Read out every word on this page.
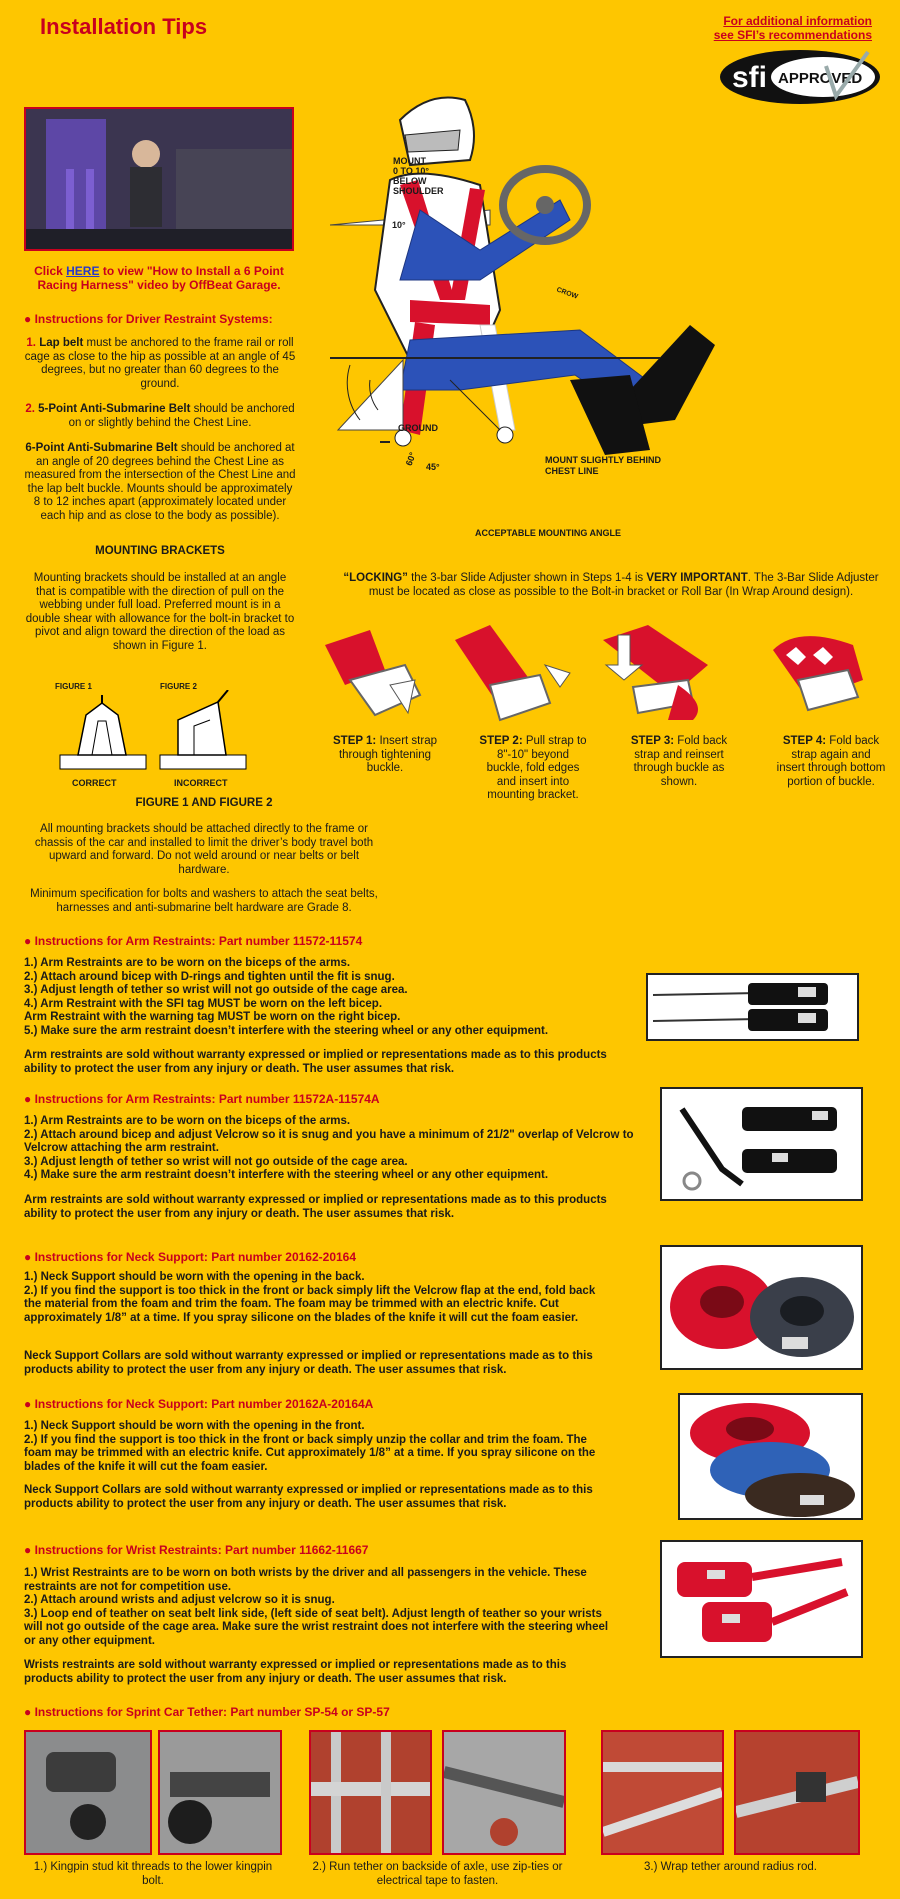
Installation Tips	For additional information
see SFI’s recommendations
sfi APPROVED
Click HERE to view "How to Install a 6 Point Racing Harness" video by OffBeat Garage.
● Instructions for Driver Restraint Systems:
1. Lap belt must be anchored to the frame rail or roll cage as close to the hip as possible at an angle of 45 degrees, but no greater than 60 degrees to the ground.
2. 5-Point Anti-Submarine Belt should be anchored on or slightly behind the Chest Line.
6-Point Anti-Submarine Belt should be anchored at an angle of 20 degrees behind the Chest Line as measured from the intersection of the Chest Line and the lap belt buckle. Mounts should be approximately 8 to 12 inches apart (approximately located under each hip and as close to the body as possible).
MOUNTING BRACKETS
Mounting brackets should be installed at an angle that is compatible with the direction of pull on the webbing under full load. Preferred mount is in a double shear with allowance for the bolt-in bracket to pivot and align toward the direction of the load as shown in Figure 1.
FIGURE 1	FIGURE 2
CORRECT	INCORRECT
FIGURE 1 AND FIGURE 2
All mounting brackets should be attached directly to the frame or chassis of the car and installed to limit the driver’s body travel both upward and forward. Do not weld around or near belts or belt hardware.
Minimum specification for bolts and washers to attach the seat belts, harnesses and anti-submarine belt hardware are Grade 8.
MOUNT
0 TO 10°
BELOW
SHOULDER
10°
GROUND
60° 45°
MOUNT SLIGHTLY BEHIND
CHEST LINE
ACCEPTABLE MOUNTING ANGLE
CROW
“LOCKING” the 3-bar Slide Adjuster shown in Steps 1-4 is VERY IMPORTANT. The 3-Bar Slide Adjuster must be located as close as possible to the Bolt-in bracket or Roll Bar (In Wrap Around design).
STEP 1: Insert strap through tightening buckle.
STEP 2: Pull strap to 8"-10" beyond buckle, fold edges and insert into mounting bracket.
STEP 3: Fold back strap and reinsert through buckle as shown.
STEP 4: Fold back strap again and insert through bottom portion of buckle.
● Instructions for Arm Restraints: Part number 11572-11574
1.) Arm Restraints are to be worn on the biceps of the arms.
2.) Attach around bicep with D-rings and tighten until the fit is snug.
3.) Adjust length of tether so wrist will not go outside of the cage area.
4.) Arm Restraint with the SFI tag MUST be worn on the left bicep.
Arm Restraint with the warning tag MUST be worn on the right bicep.
5.) Make sure the arm restraint doesn’t interfere with the steering wheel or any other equipment.
Arm restraints are sold without warranty expressed or implied or representations made as to this products ability to protect the user from any injury or death. The user assumes that risk.
● Instructions for Arm Restraints: Part number 11572A-11574A
1.) Arm Restraints are to be worn on the biceps of the arms.
2.) Attach around bicep and adjust Velcrow so it is snug and you have a minimum of 21/2" overlap of Velcrow to Velcrow attaching the arm restraint.
3.) Adjust length of tether so wrist will not go outside of the cage area.
4.) Make sure the arm restraint doesn’t interfere with the steering wheel or any other equipment.
Arm restraints are sold without warranty expressed or implied or representations made as to this products ability to protect the user from any injury or death. The user assumes that risk.
● Instructions for Neck Support: Part number 20162-20164
1.) Neck Support should be worn with the opening in the back.
2.) If you find the support is too thick in the front or back simply lift the Velcrow flap at the end, fold back the material from the foam and trim the foam. The foam may be trimmed with an electric knife. Cut approximately 1/8” at a time. If you spray silicone on the blades of the knife it will cut the foam easier.
Neck Support Collars are sold without warranty expressed or implied or representations made as to this products ability to protect the user from any injury or death. The user assumes that risk.
● Instructions for Neck Support: Part number 20162A-20164A
1.) Neck Support should be worn with the opening in the front.
2.) If you find the support is too thick in the front or back simply unzip the collar and trim the foam. The foam may be trimmed with an electric knife. Cut approximately 1/8” at a time. If you spray silicone on the blades of the knife it will cut the foam easier.
Neck Support Collars are sold without warranty expressed or implied or representations made as to this products ability to protect the user from any injury or death. The user assumes that risk.
● Instructions for Wrist Restraints: Part number 11662-11667
1.) Wrist Restraints are to be worn on both wrists by the driver and all passengers in the vehicle. These restraints are not for competition use.
2.) Attach around wrists and adjust velcrow so it is snug.
3.) Loop end of teather on seat belt link side, (left side of seat belt). Adjust length of teather so your wrists will not go outside of the cage area. Make sure the wrist restraint does not interfere with the steering wheel or any other equipment.
Wrists restraints are sold without warranty expressed or implied or representations made as to this products ability to protect the user from any injury or death. The user assumes that risk.
● Instructions for Sprint Car Tether: Part number SP-54 or SP-57
1.) Kingpin stud kit threads to the lower kingpin bolt.
2.) Run tether on backside of axle, use zip-ties or electrical tape to fasten.
3.) Wrap tether around radius rod.
